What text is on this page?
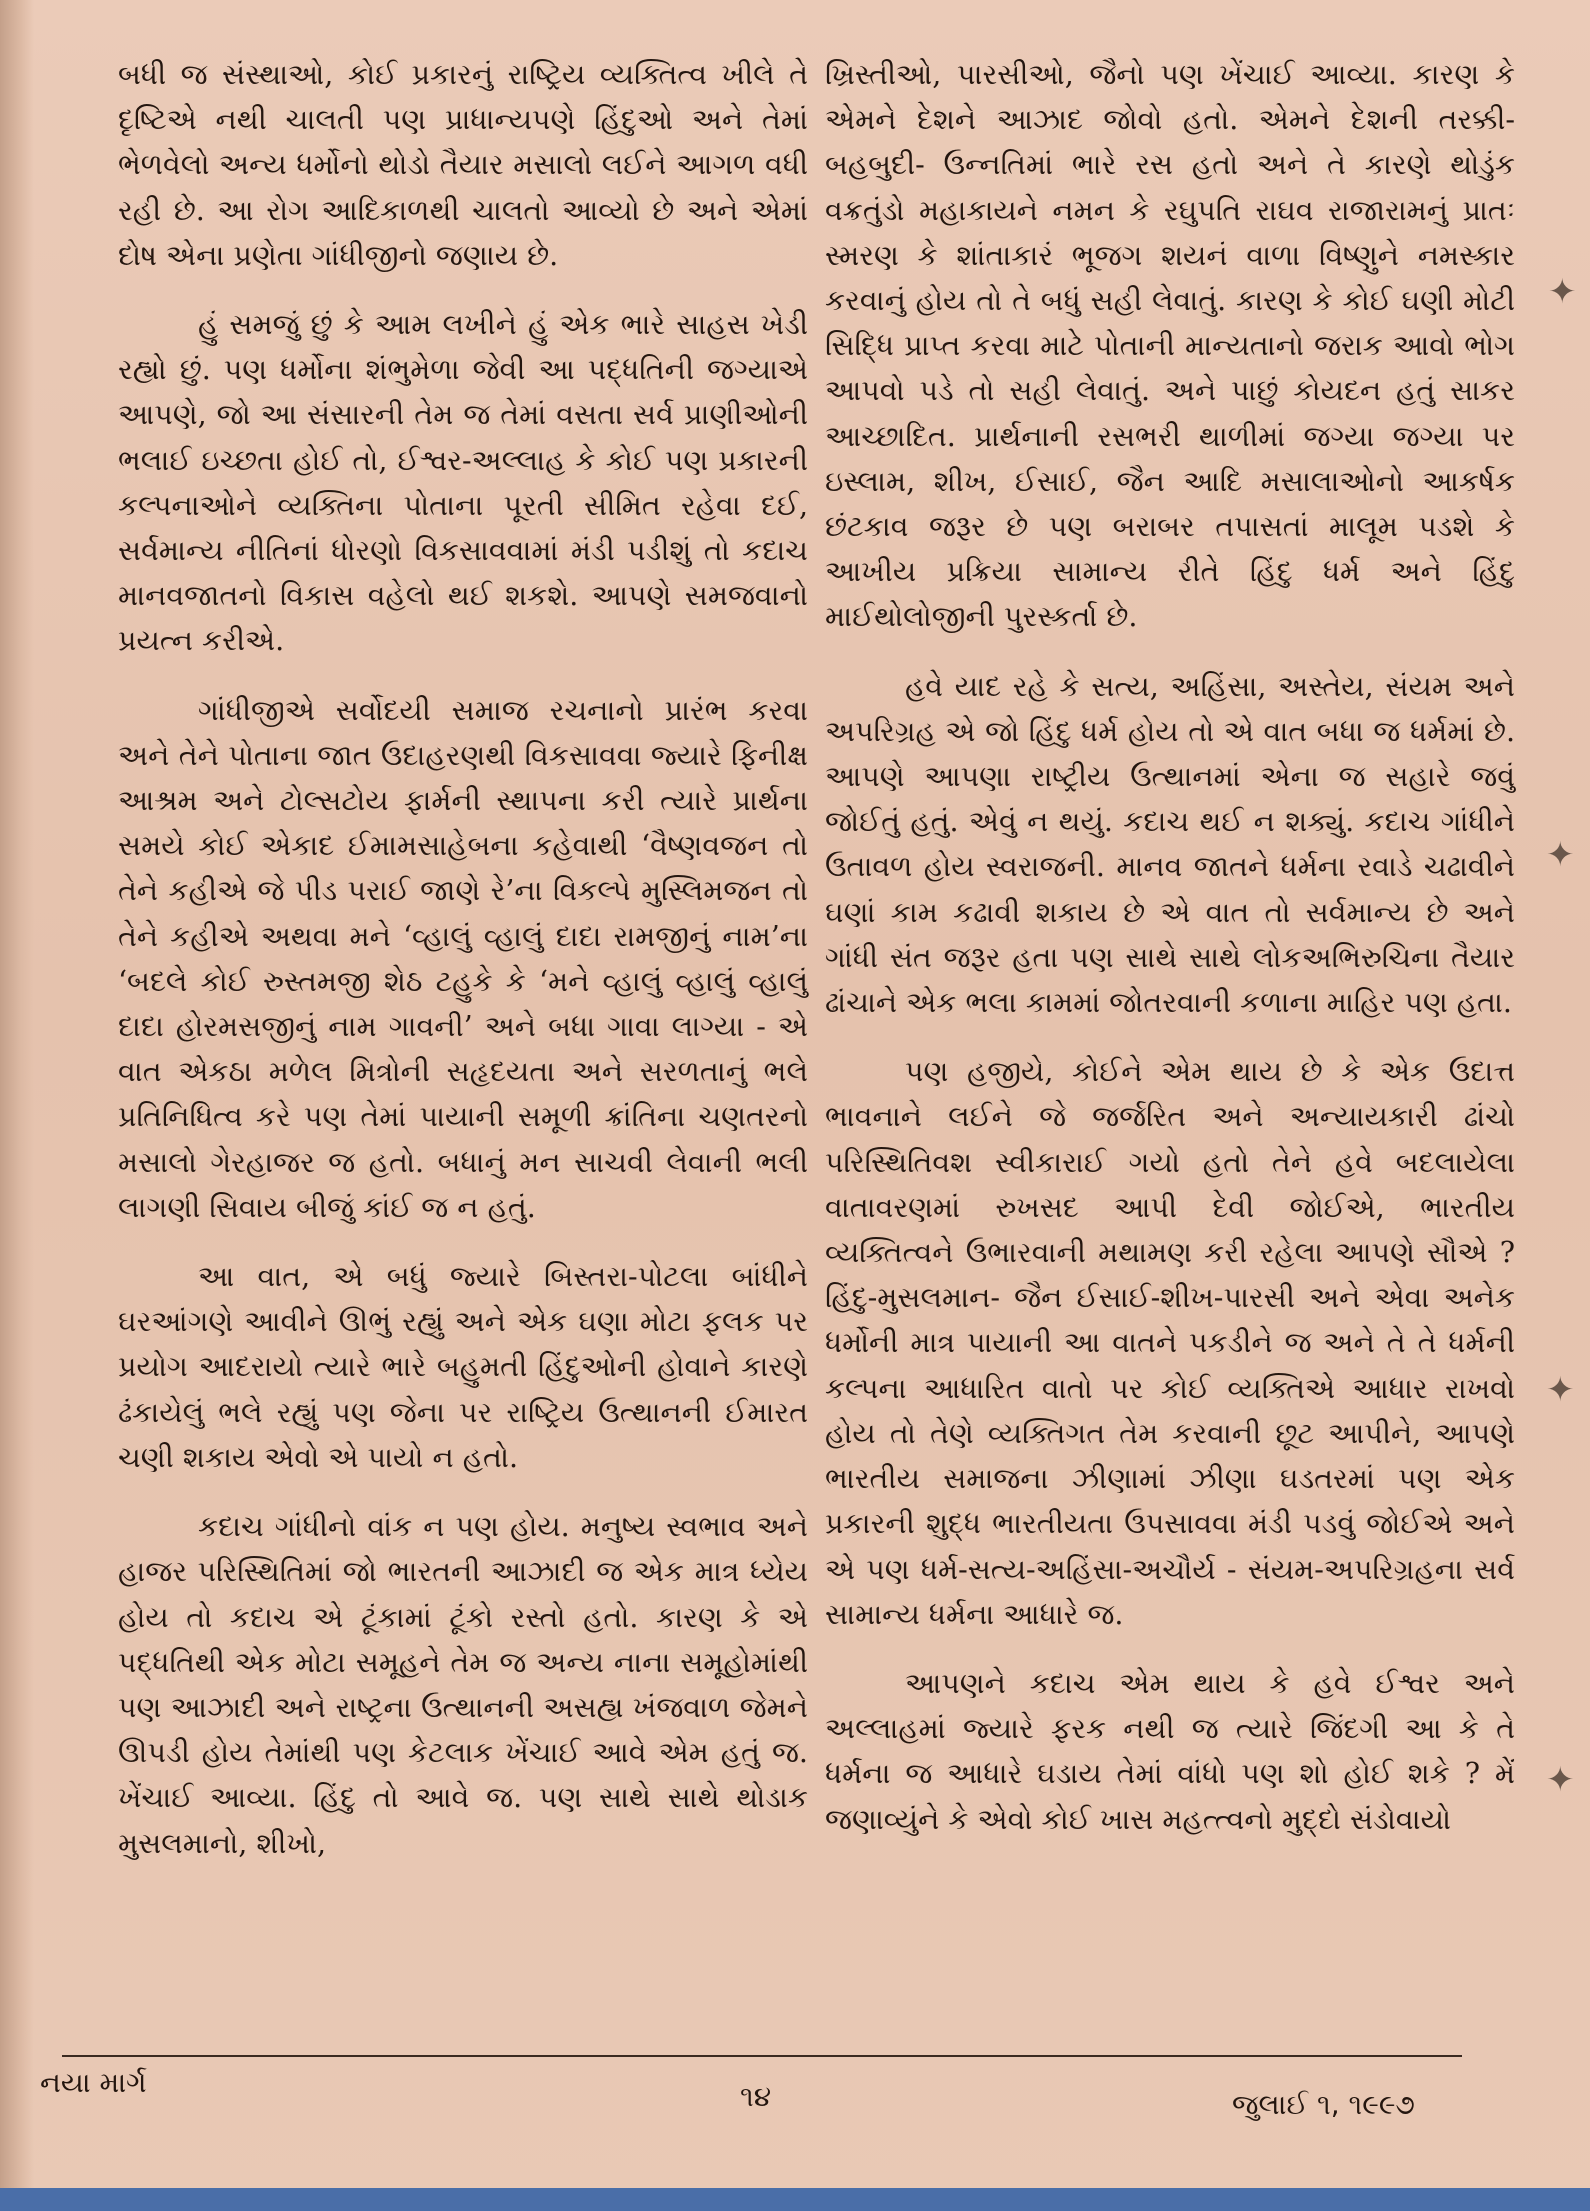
બધી જ સંસ્થાઓ, કોઈ પ્રકારનું રાષ્ટ્રિય વ્યક્તિત્વ ખીલે તે દૃષ્ટિએ નથી ચાલતી પણ પ્રાધાન્યપણે હિંદુઓ અને તેમાં ભેળવેલો અન્ય ધર્મોનો થોડો તૈયાર મસાલો લઈને આગળ વધી રહી છે. આ રોગ આદિકાળથી ચાલતો આવ્યો છે અને એમાં દોષ એના પ્રણેતા ગાંધીજીનો જણાય છે.

હું સમજું છું કે આમ લખીને હું એક ભારે સાહસ ખેડી રહ્યો છું. પણ ધર્મોના શંભુમેળા જેવી આ પદ્ધતિની જગ્યાએ આપણે, જો આ સંસારની તેમ જ તેમાં વસતા સર્વ પ્રાણીઓની ભલાઈ ઇચ્છતા હોઈ તો, ઈશ્વર-અલ્લાહ કે કોઈ પણ પ્રકારની કલ્પનાઓને વ્યક્તિના પોતાના પૂરતી સીમિત રહેવા દઈ, સર્વમાન્ય નીતિનાં ધોરણો વિકસાવવામાં મંડી પડીશું તો કદાચ માનવજાતનો વિકાસ વહેલો થઈ શકશે. આપણે સમજવાનો પ્રયત્ન કરીએ.

ગાંધીજીએ સર્વોદયી સમાજ રચનાનો પ્રારંભ કરવા અને તેને પોતાના જાત ઉદાહરણથી વિકસાવવા જ્યારે ફિનીક્ષ આશ્રમ અને ટોલ્સટોય ફાર્મની સ્થાપના કરી ત્યારે પ્રાર્થના સમયે કોઈ એકાદ ઈમામસાહેબના કહેવાથી ‘વૈષ્ણવજન તો તેને કહીએ જે પીડ પરાઈ જાણે રે’ના વિકલ્પે મુસ્લિમજન તો તેને કહીએ અથવા મને ‘વ્હાલું વ્હાલું દાદા રામજીનું નામ’ના ‘બદલે કોઈ રુસ્તમજી શેઠ ટહુકે કે ‘મને વ્હાલું વ્હાલું વ્હાલું દાદા હોરમસજીનું નામ ગાવની’ અને બધા ગાવા લાગ્યા - એ વાત એકઠા મળેલ મિત્રોની સહૃદયતા અને સરળતાનું ભલે પ્રતિનિધિત્વ કરે પણ તેમાં પાયાની સમૂળી ક્રાંતિના ચણતરનો મસાલો ગેરહાજર જ હતો. બધાનું મન સાચવી લેવાની ભલી લાગણી સિવાય બીજું કાંઈ જ ન હતું.

આ વાત, એ બધું જ્યારે બિસ્તરા-પોટલા બાંધીને ઘરઆંગણે આવીને ઊભું રહ્યું અને એક ઘણા મોટા ફલક પર પ્રયોગ આદરાયો ત્યારે ભારે બહુમતી હિંદુઓની હોવાને કારણે ઢંકાયેલું ભલે રહ્યું પણ જેના પર રાષ્ટ્રિય ઉત્થાનની ઈમારત ચણી શકાય એવો એ પાયો ન હતો.

કદાચ ગાંધીનો વાંક ન પણ હોય. મનુષ્ય સ્વભાવ અને હાજર પરિસ્થિતિમાં જો ભારતની આઝાદી જ એક માત્ર ધ્યેય હોય તો કદાચ એ ટૂંકામાં ટૂંકો રસ્તો હતો. કારણ કે એ પદ્ધતિથી એક મોટા સમૂહને તેમ જ અન્ય નાના સમૂહોમાંથી પણ આઝાદી અને રાષ્ટ્રના ઉત્થાનની અસહ્ય ખંજવાળ જેમને ઊપડી હોય તેમાંથી પણ કેટલાક ખેંચાઈ આવે એમ હતું જ. ખેંચાઈ આવ્યા. હિંદુ તો આવે જ. પણ સાથે સાથે થોડાક મુસલમાનો, શીખો,

ખ્રિસ્તીઓ, પારસીઓ, જૈનો પણ ખેંચાઈ આવ્યા. કારણ કે એમને દેશને આઝાદ જોવો હતો. એમને દેશની તરક્કી-બહબુદી- ઉન્નતિમાં ભારે રસ હતો અને તે કારણે થોડુંક વક્રતુંડો મહાકાયને નમન કે રઘુપતિ રાઘવ રાજારામનું પ્રાતઃ સ્મરણ કે શાંતાકારં ભૂજગ શયનં વાળા વિષ્ણુને નમસ્કાર કરવાનું હોય તો તે બધું સહી લેવાતું. કારણ કે કોઈ ઘણી મોટી સિદ્ધિ પ્રાપ્ત કરવા માટે પોતાની માન્યતાનો જરાક આવો ભોગ આપવો પડે તો સહી લેવાતું. અને પાછું કોયદન હતું સાકર આચ્છાદિત. પ્રાર્થનાની રસભરી થાળીમાં જગ્યા જગ્યા પર ઇસ્લામ, શીખ, ઈસાઈ, જૈન આદિ મસાલાઓનો આકર્ષક છંટકાવ જરૂર છે પણ બરાબર તપાસતાં માલૂમ પડશે કે આખીય પ્રક્રિયા સામાન્ય રીતે હિંદુ ધર્મ અને હિંદુ માઈથોલોજીની પુરસ્કર્તા છે.

હવે યાદ રહે કે સત્ય, અહિંસા, અસ્તેય, સંયમ અને અપરિગ્રહ એ જો હિંદુ ધર્મ હોય તો એ વાત બધા જ ધર્મમાં છે. આપણે આપણા રાષ્ટ્રીય ઉત્થાનમાં એના જ સહારે જવું જોઈતું હતું. એવું ન થયું. કદાચ થઈ ન શક્યું. કદાચ ગાંધીને ઉતાવળ હોય સ્વરાજની. માનવ જાતને ધર્મના રવાડે ચઢાવીને ઘણાં કામ કઢાવી શકાય છે એ વાત તો સર્વમાન્ય છે અને ગાંધી સંત જરૂર હતા પણ સાથે સાથે લોકઅભિરુચિના તૈયાર ઢાંચાને એક ભલા કામમાં જોતરવાની કળાના માહિર પણ હતા.

પણ હજીયે, કોઈને એમ થાય છે કે એક ઉદાત્ત ભાવનાને લઈને જે જર્જરિત અને અન્યાયકારી ઢાંચો પરિસ્થિતિવશ સ્વીકારાઈ ગયો હતો તેને હવે બદલાયેલા વાતાવરણમાં રુખસદ આપી દેવી જોઈએ, ભારતીય વ્યક્તિત્વને ઉભારવાની મથામણ કરી રહેલા આપણે સૌએ ? હિંદુ-મુસલમાન- જૈન ઈસાઈ-શીખ-પારસી અને એવા અનેક ધર્મોની માત્ર પાયાની આ વાતને પકડીને જ અને તે તે ધર્મની કલ્પના આધારિત વાતો પર કોઈ વ્યક્તિએ આધાર રાખવો હોય તો તેણે વ્યક્તિગત તેમ કરવાની છૂટ આપીને, આપણે ભારતીય સમાજના ઝીણામાં ઝીણા ઘડતરમાં પણ એક પ્રકારની શુદ્ધ ભારતીયતા ઉપસાવવા મંડી પડવું જોઈએ અને એ પણ ધર્મ-સત્ય-અહિંસા-અચૌર્ય - સંયમ-અપરિગ્રહના સર્વ સામાન્ય ધર્મના આધારે જ.

આપણને કદાચ એમ થાય કે હવે ઈશ્વર અને અલ્લાહમાં જ્યારે ફરક નથી જ ત્યારે જિંદગી આ કે તે ધર્મના જ આધારે ઘડાય તેમાં વાંધો પણ શો હોઈ શકે ? મેં જણાવ્યુંને કે એવો કોઈ ખાસ મહત્ત્વનો મુદ્દો સંડોવાયો

✦
✦
✦
✦
નયા માર્ગ	૧૪	જુલાઈ ૧, ૧૯૯૭
